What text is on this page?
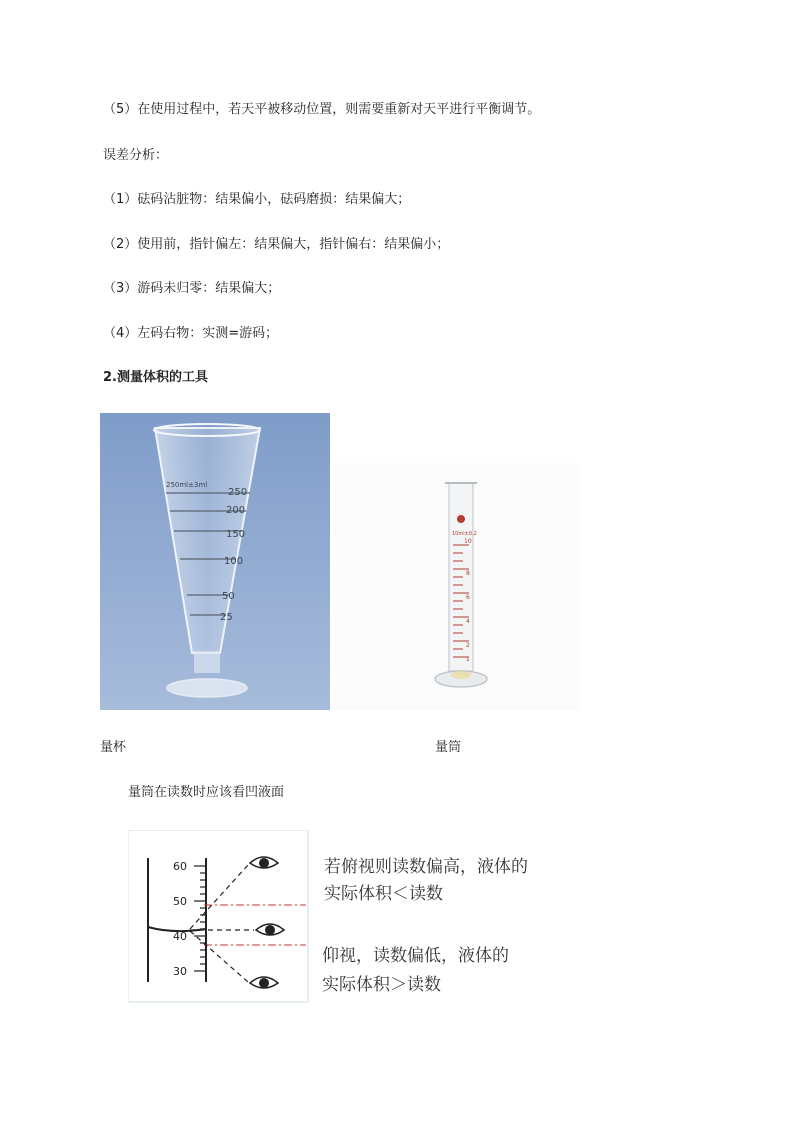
（5）在使用过程中，若天平被移动位置，则需要重新对天平进行平衡调节。
误差分析：
（1）砝码沾脏物：结果偏小，砝码磨损：结果偏大；
（2）使用前，指针偏左：结果偏大，指针偏右：结果偏小；
（3）游码未归零：结果偏大；
（4）左码右物：实测=游码；
2.测量体积的工具
250
200
150
100
50
25
250ml±3ml
10ml±0.2
10
8
6
4
2
1
量杯	量筒
量筒在读数时应该看凹液面
60
50
40
30
若俯视则读数偏高，液体的
实际体积＜读数
仰视，读数偏低，液体的
实际体积＞读数
